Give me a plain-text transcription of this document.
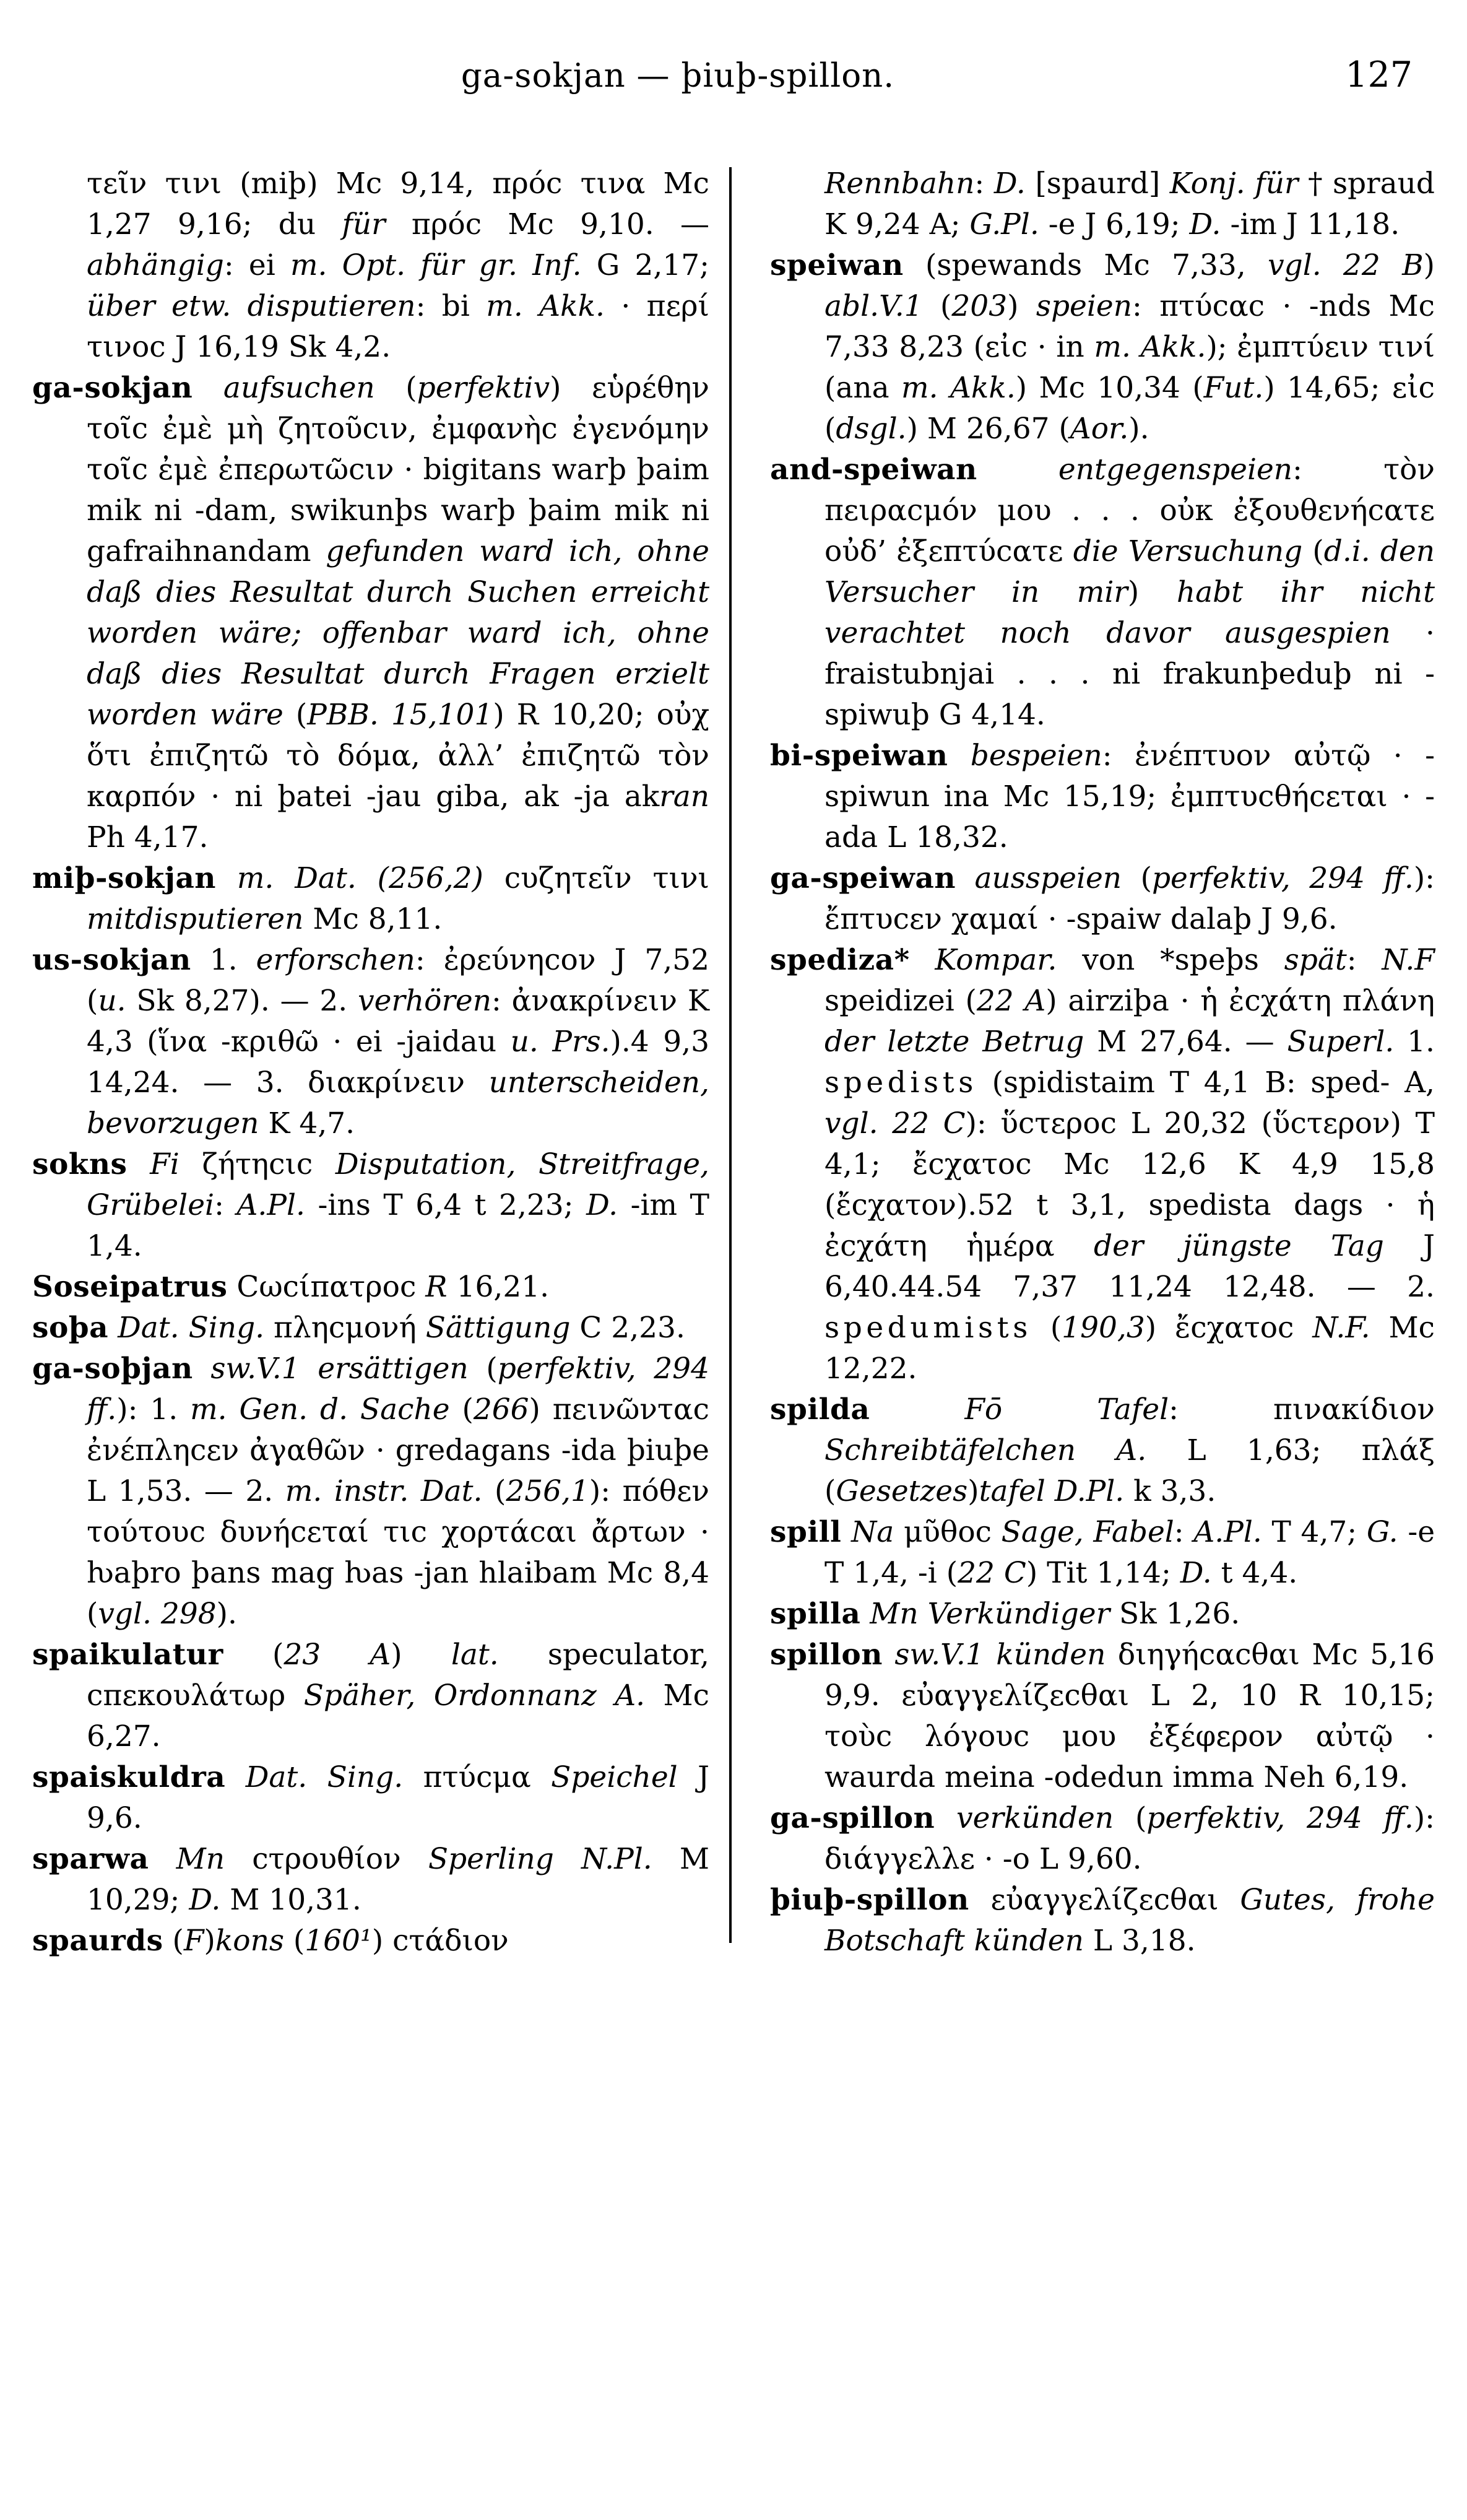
ga-sokjan — þiuþ-spillon.	127

τεῖν τινι (miþ) Mc 9,14, πρόc τινα Mc 1,27 9,16; du für πρόc Mc 9,10. — abhängig: ei m. Opt. für gr. Inf. G 2,17; über etw. disputieren: bi m. Akk. · περί τινοc J 16,19 Sk 4,2.

ga-sokjan aufsuchen (perfektiv) εὑρέθην τοῖc ἐμὲ μὴ ζητοῦcιν, ἐμφανὴc ἐγενόμην τοῖc ἐμὲ ἐπερωτῶcιν · bigitans warþ þaim mik ni -dam, swikunþs warþ þaim mik ni gafraihnandam gefunden ward ich, ohne daß dies Resultat durch Suchen erreicht worden wäre; offenbar ward ich, ohne daß dies Resultat durch Fragen erzielt worden wäre (PBB. 15,101) R 10,20; οὐχ ὅτι ἐπιζητῶ τὸ δόμα, ἀλλ’ ἐπιζητῶ τὸν καρπόν · ni þatei -jau giba, ak -ja akran Ph 4,17.

miþ-sokjan m. Dat. (256,2) cυζητεῖν τινι mitdisputieren Mc 8,11.

us-sokjan 1. erforschen: ἐρεύνηcον J 7,52 (u. Sk 8,27). — 2. verhören: ἀνακρίνειν K 4,3 (ἵνα -κριθῶ · ei -jaidau u. Prs.).4 9,3 14,24. — 3. διακρίνειν unterscheiden, bevorzugen K 4,7.

sokns Fi ζήτηcιc Disputation, Streitfrage, Grübelei: A.Pl. -ins T 6,4 t 2,23; D. -im T 1,4.

Soseipatrus Cωcίπατροc R 16,21.

soþa Dat. Sing. πληcμονή Sättigung C 2,23.

ga-soþjan sw.V.1 ersättigen (perfektiv, 294 ff.): 1. m. Gen. d. Sache (266) πεινῶνταc ἐνέπληcεν ἀγαθῶν · gredagans -ida þiuþe L 1,53. — 2. m. instr. Dat. (256,1): πόθεν τούτουc δυνήcεταί τιc χορτάcαι ἄρτων · ƕaþro þans mag ƕas -jan hlaibam Mc 8,4 (vgl. 298).

spaikulatur (23 A) lat. speculator, cπεκουλάτωρ Späher, Ordonnanz A. Mc 6,27.

spaiskuldra Dat. Sing. πτύcμα Speichel J 9,6.

sparwa Mn cτρουθίον Sperling N.Pl. M 10,29; D. M 10,31.

spaurds (F)kons (160¹) cτάδιον

Rennbahn: D. [spaurd] Konj. für † spraud K 9,24 A; G.Pl. -e J 6,19; D. -im J 11,18.

speiwan (spewands Mc 7,33, vgl. 22 B) abl.V.1 (203) speien: πτύcαc · -nds Mc 7,33 8,23 (εἰc · in m. Akk.); ἐμπτύειν τινί (ana m. Akk.) Mc 10,34 (Fut.) 14,65; εἰc (dsgl.) M 26,67 (Aor.).

and-speiwan	entgegenspeien: τὸν πειραcμόν μου . . . οὐκ ἐξουθενήcατε οὐδ’ ἐξεπτύcατε die Versuchung (d.i. den Versucher in mir) habt ihr nicht verachtet noch davor ausgespien · fraistubnjai . . . ni frakunþeduþ ni -spiwuþ G 4,14.

bi-speiwan bespeien: ἐνέπτυον αὐτῷ · -spiwun ina Mc 15,19; ἐμπτυcθήcεται · -ada L 18,32.

ga-speiwan ausspeien (perfektiv, 294 ff.): ἔπτυcεν χαμαί · -spaiw dalaþ J 9,6.

spediza* Kompar. von *speþs spät: N.F speidizei (22 A) airziþa · ἡ ἐcχάτη πλάνη der letzte Betrug M 27,64. — Superl. 1. spedists (spidistaim T 4,1 B: sped- A, vgl. 22 C): ὕcτεροc L 20,32 (ὕcτερον) T 4,1; ἔcχατοc Mc 12,6 K 4,9 15,8 (ἔcχατον).52 t 3,1, spedista dags · ἡ ἐcχάτη ἡμέρα der jüngste Tag J 6,40.44.54 7,37 11,24 12,48. — 2. spedumists (190,3) ἔcχατοc N.F. Mc 12,22.

spilda	Fō	Tafel: πινακίδιον Schreibtäfelchen A. L 1,63; πλάξ (Gesetzes)tafel D.Pl. k 3,3.

spill Na μῦθοc Sage, Fabel: A.Pl. T 4,7; G. -e T 1,4, -i (22 C) Tit 1,14; D. t 4,4.

spilla Mn Verkündiger Sk 1,26.

spillon sw.V.1 künden διηγήcαcθαι Mc 5,16 9,9. εὐαγγελίζεcθαι L 2, 10 R 10,15; τοὺc λόγουc μου ἐξέφερον αὐτῷ · waurda meina -odedun imma Neh 6,19.

ga-spillon verkünden (perfektiv, 294 ff.): διάγγελλε · -o L 9,60.

þiuþ-spillon εὐαγγελίζεcθαι Gutes, frohe Botschaft künden L 3,18.
